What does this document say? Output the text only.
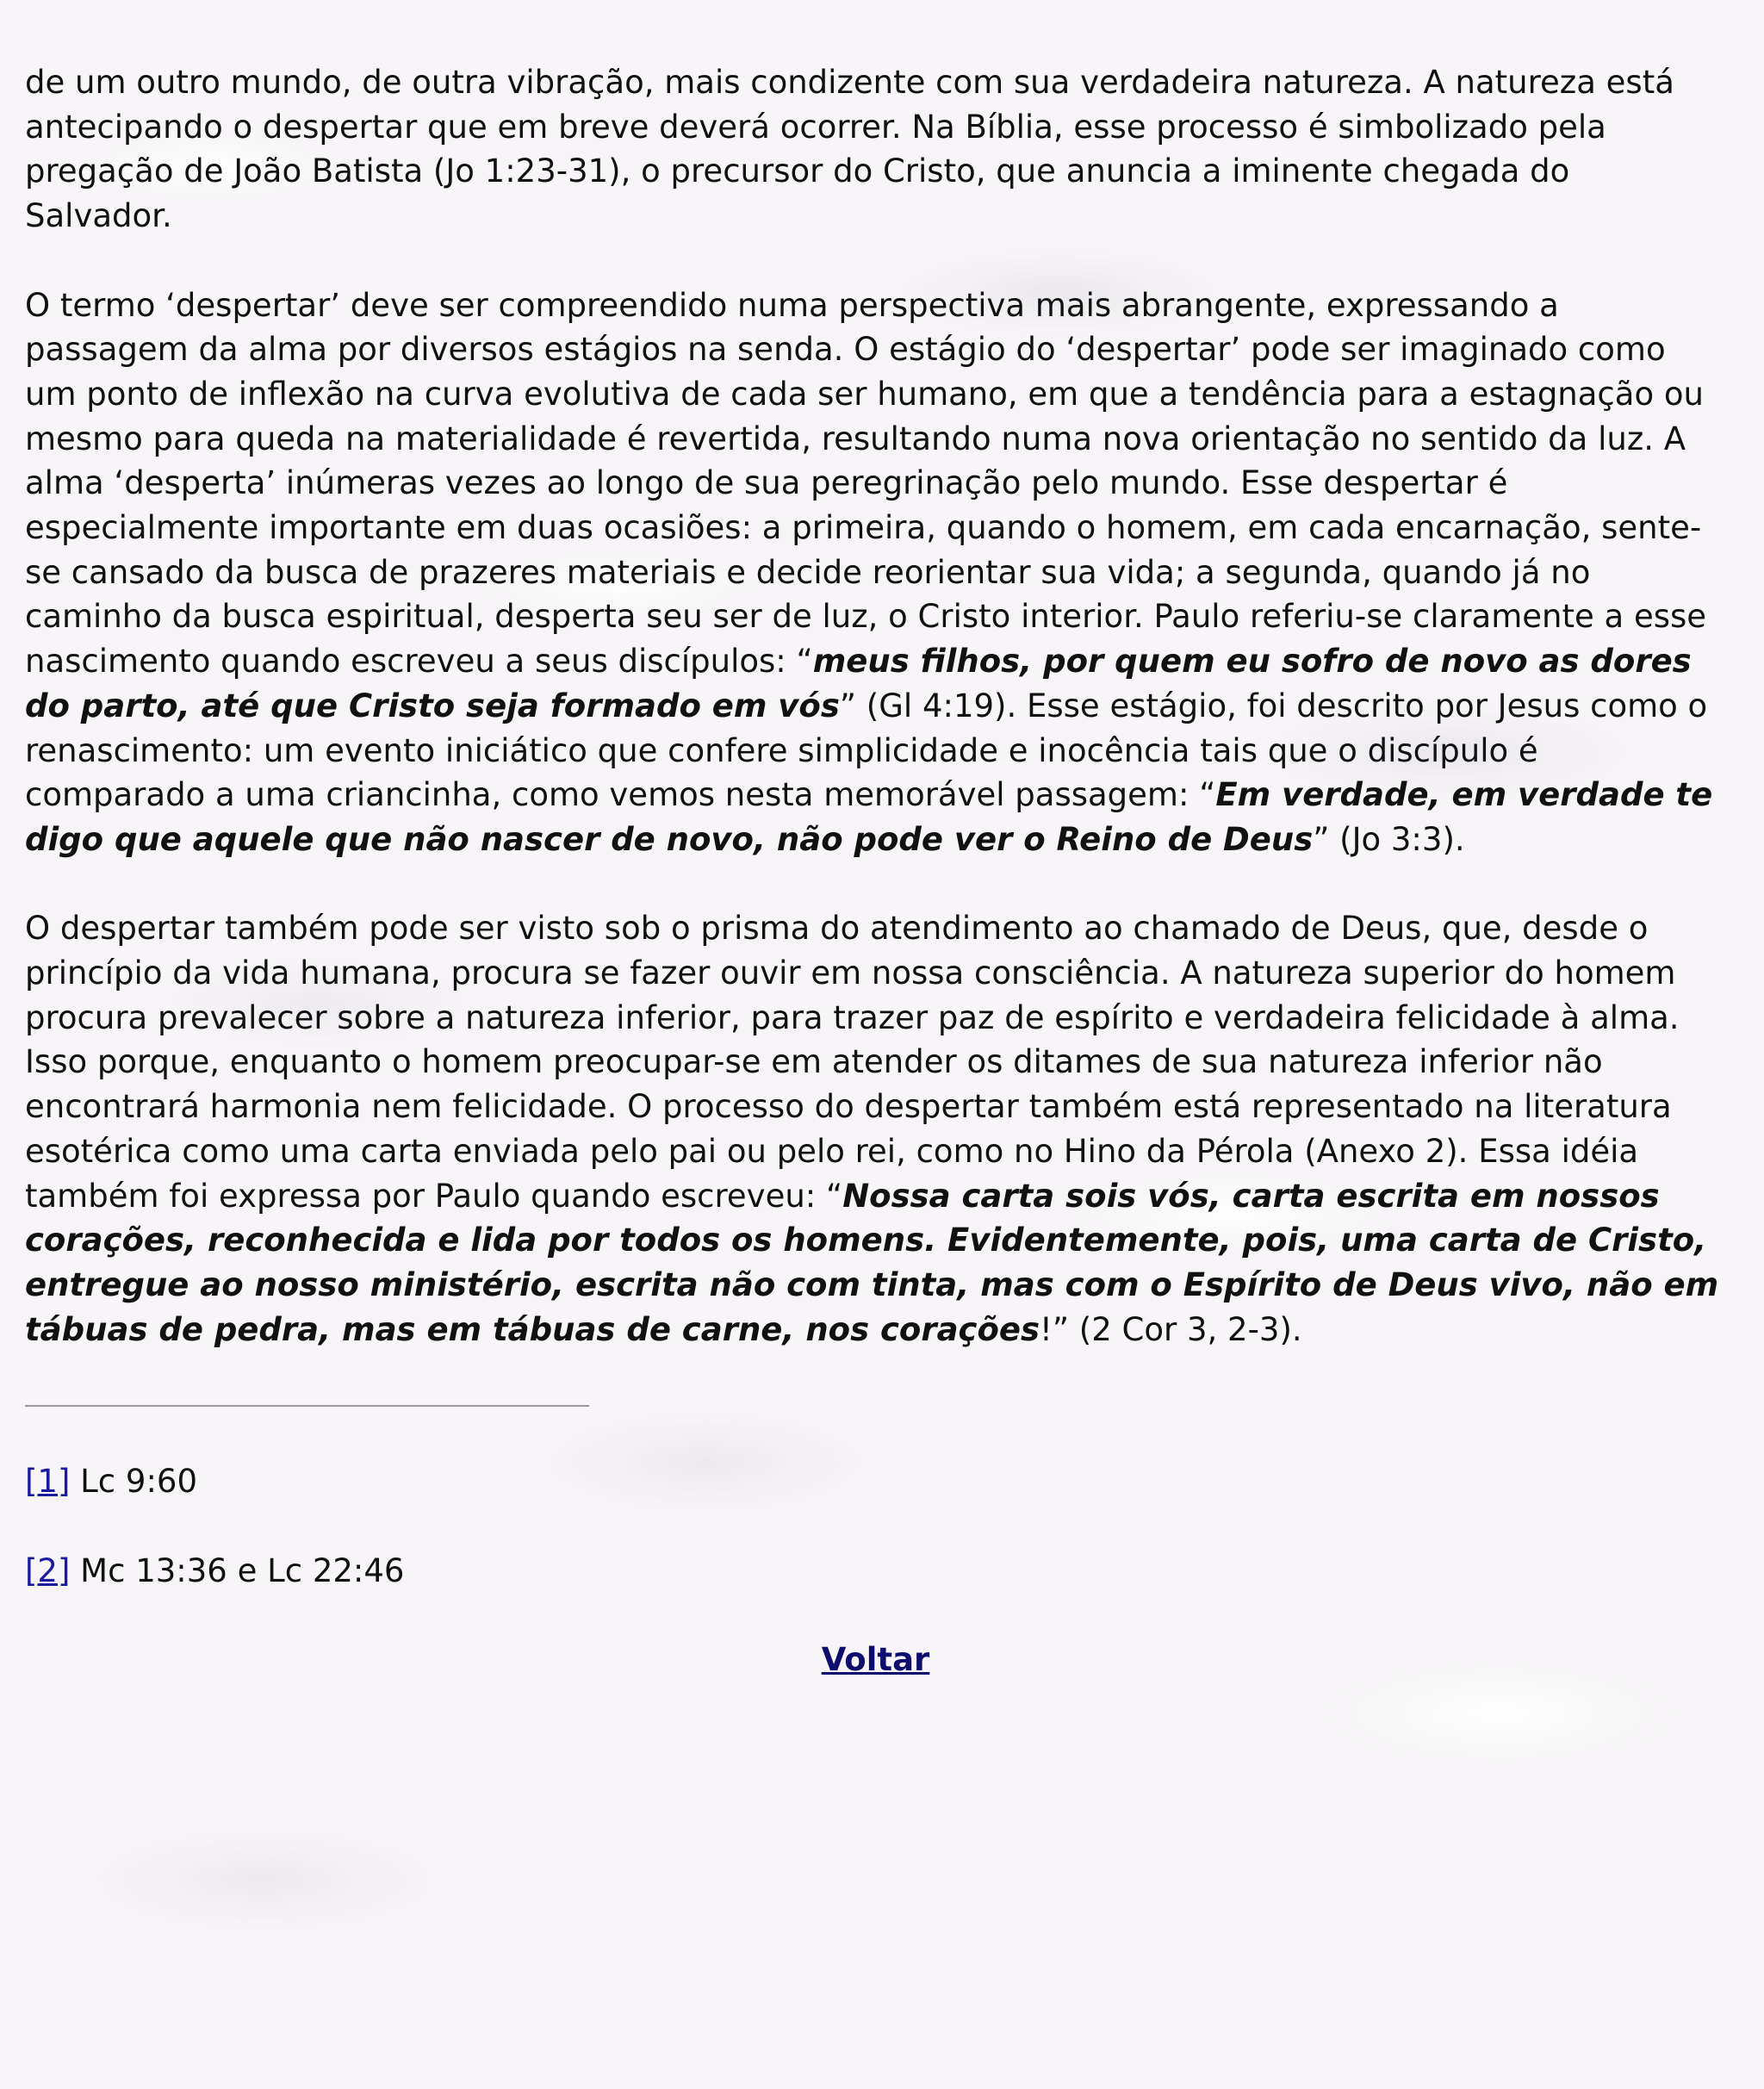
de um outro mundo, de outra vibração, mais condizente com sua verdadeira natureza. A natureza está antecipando o despertar que em breve deverá ocorrer. Na Bíblia, esse processo é simbolizado pela pregação de João Batista (Jo 1:23-31), o precursor do Cristo, que anuncia a iminente chegada do Salvador.

O termo ‘despertar’ deve ser compreendido numa perspectiva mais abrangente, expressando a passagem da alma por diversos estágios na senda. O estágio do ‘despertar’ pode ser imaginado como um ponto de inflexão na curva evolutiva de cada ser humano, em que a tendência para a estagnação ou mesmo para queda na materialidade é revertida, resultando numa nova orientação no sentido da luz. A alma ‘desperta’ inúmeras vezes ao longo de sua peregrinação pelo mundo. Esse despertar é especialmente importante em duas ocasiões: a primeira, quando o homem, em cada encarnação, sente-se cansado da busca de prazeres materiais e decide reorientar sua vida; a segunda, quando já no caminho da busca espiritual, desperta seu ser de luz, o Cristo interior. Paulo referiu-se claramente a esse nascimento quando escreveu a seus discípulos: “meus filhos, por quem eu sofro de novo as dores do parto, até que Cristo seja formado em vós” (Gl 4:19). Esse estágio, foi descrito por Jesus como o renascimento: um evento iniciático que confere simplicidade e inocência tais que o discípulo é comparado a uma criancinha, como vemos nesta memorável passagem: “Em verdade, em verdade te digo que aquele que não nascer de novo, não pode ver o Reino de Deus” (Jo 3:3).

O despertar também pode ser visto sob o prisma do atendimento ao chamado de Deus, que, desde o princípio da vida humana, procura se fazer ouvir em nossa consciência. A natureza superior do homem procura prevalecer sobre a natureza inferior, para trazer paz de espírito e verdadeira felicidade à alma. Isso porque, enquanto o homem preocupar-se em atender os ditames de sua natureza inferior não encontrará harmonia nem felicidade. O processo do despertar também está representado na literatura esotérica como uma carta enviada pelo pai ou pelo rei, como no Hino da Pérola (Anexo 2). Essa idéia também foi expressa por Paulo quando escreveu: “Nossa carta sois vós, carta escrita em nossos corações, reconhecida e lida por todos os homens. Evidentemente, pois, uma carta de Cristo, entregue ao nosso ministério, escrita não com tinta, mas com o Espírito de Deus vivo, não em tábuas de pedra, mas em tábuas de carne, nos corações!” (2 Cor 3, 2-3).

[1] Lc 9:60
[2] Mc 13:36 e Lc 22:46
Voltar
